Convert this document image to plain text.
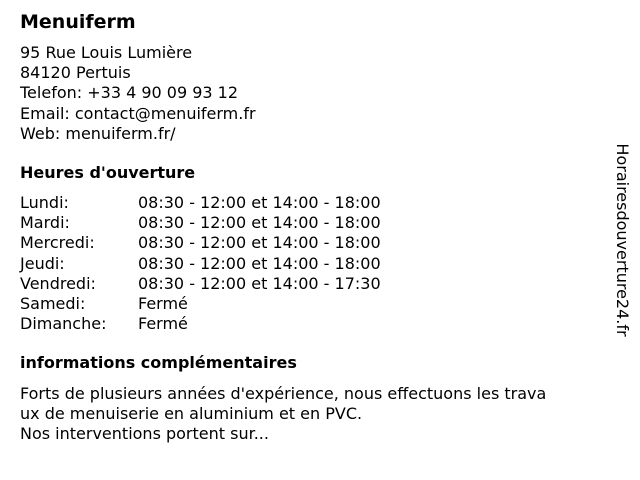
Menuiferm
95 Rue Louis Lumière
84120 Pertuis
Telefon: +33 4 90 09 93 12
Email: contact@menuiferm.fr
Web: menuiferm.fr/
Heures d'ouverture
Lundi:	08:30 - 12:00 et 14:00 - 18:00
Mardi:	08:30 - 12:00 et 14:00 - 18:00
Mercredi:	08:30 - 12:00 et 14:00 - 18:00
Jeudi:	08:30 - 12:00 et 14:00 - 18:00
Vendredi:	08:30 - 12:00 et 14:00 - 17:30
Samedi:	Fermé
Dimanche: Fermé
informations complémentaires
Forts de plusieurs années d'expérience, nous effectuons les trava
ux de menuiserie en aluminium et en PVC.
Nos interventions portent sur...
Horairesdouverture24.fr
